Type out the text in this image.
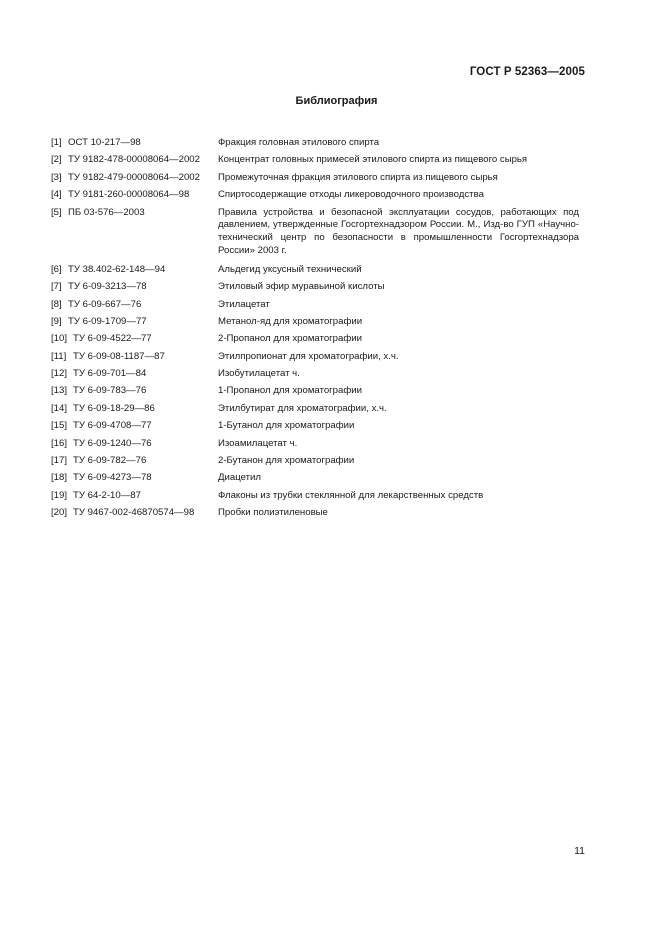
ГОСТ Р 52363—2005
Библиография
[1] ОСТ 10-217—98	Фракция головная этилового спирта
[2] ТУ 9182-478-00008064—2002	Концентрат головных примесей этилового спирта из пищевого сырья
[3] ТУ 9182-479-00008064—2002	Промежуточная фракция этилового спирта из пищевого сырья
[4] ТУ 9181-260-00008064—98	Спиртосодержащие отходы ликероводочного производства
[5] ПБ 03-576—2003	Правила устройства и безопасной эксплуатации сосудов, работающих под давлением, утвержденные Госгортехнадзором России. М., Изд-во ГУП «Научно-технический центр по безопасности в промышленности Госгортехнадзора России» 2003 г.
[6] ТУ 38.402-62-148—94	Альдегид уксусный технический
[7] ТУ 6-09-3213—78	Этиловый эфир муравьиной кислоты
[8] ТУ 6-09-667—76	Этилацетат
[9] ТУ 6-09-1709—77	Метанол-яд для хроматографии
[10] ТУ 6-09-4522—77	2-Пропанол для хроматографии
[11] ТУ 6-09-08-1187—87	Этилпропионат для хроматографии, х.ч.
[12] ТУ 6-09-701—84	Изобутилацетат ч.
[13] ТУ 6-09-783—76	1-Пропанол для хроматографии
[14] ТУ 6-09-18-29—86	Этилбутират для хроматографии, х.ч.
[15] ТУ 6-09-4708—77	1-Бутанол для хроматографии
[16] ТУ 6-09-1240—76	Изоамилацетат ч.
[17] ТУ 6-09-782—76	2-Бутанон для хроматографии
[18] ТУ 6-09-4273—78	Диацетил
[19] ТУ 64-2-10—87	Флаконы из трубки стеклянной для лекарственных средств
[20] ТУ 9467-002-46870574—98	Пробки полиэтиленовые
11
